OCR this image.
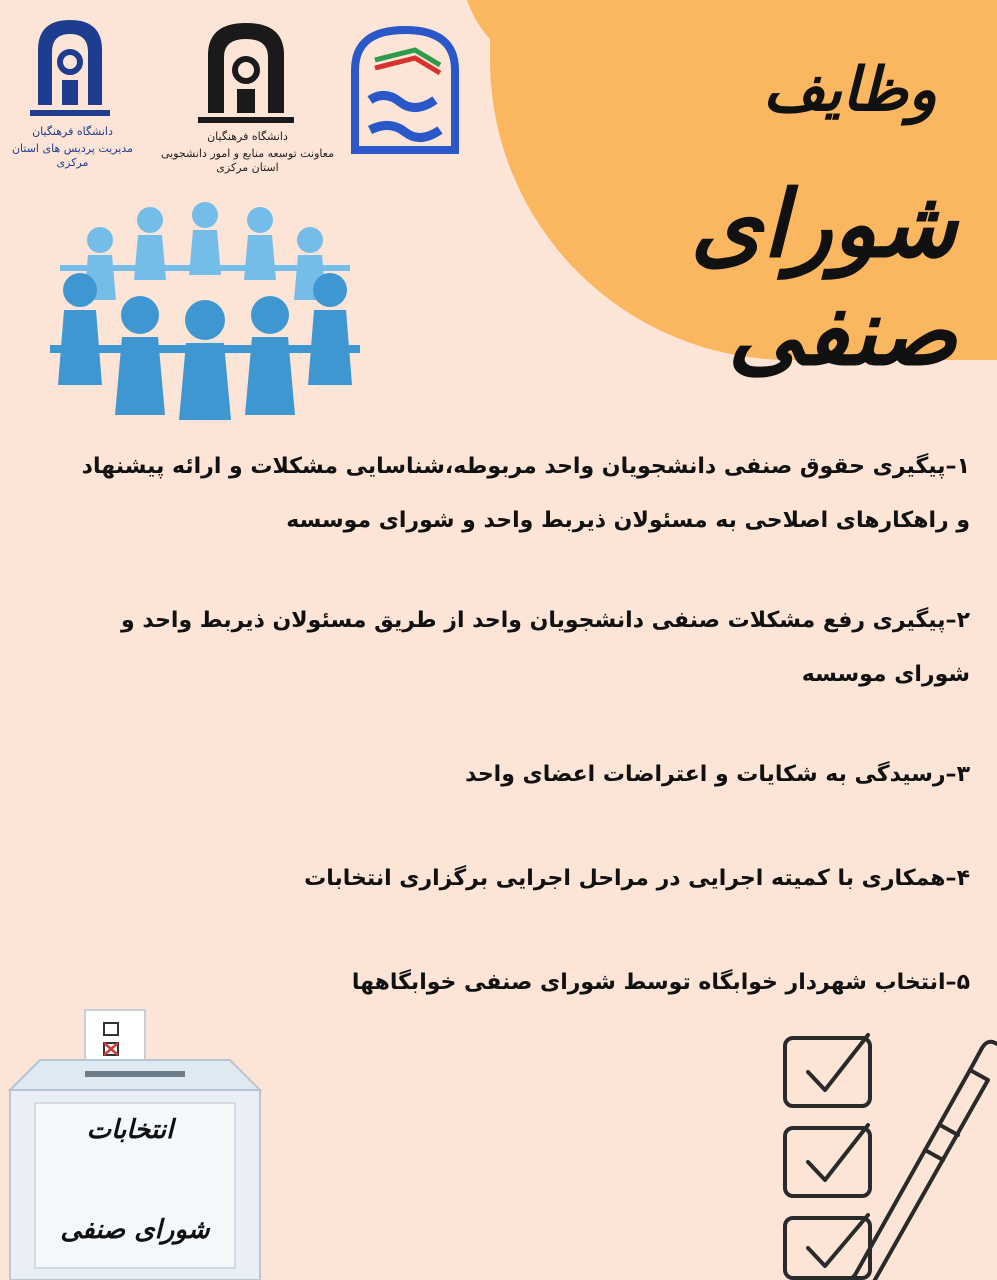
وظایف
شورای صنفی
دانشگاه فرهنگیان
مدیریت پردیس های استان مرکزی
دانشگاه فرهنگیان
معاونت توسعه منابع و امور دانشجویی استان مرکزی
۱–پیگیری حقوق صنفی دانشجویان واحد مربوطه،شناسایی مشکلات و ارائه پیشنهاد و راهکارهای اصلاحی به مسئولان ذیربط واحد و شورای موسسه
۲–پیگیری رفع مشکلات صنفی دانشجویان واحد از طریق مسئولان ذیربط واحد و شورای موسسه
۳–رسیدگی به شکایات و اعتراضات اعضای واحد
۴–همکاری با کمیته اجرایی در مراحل اجرایی برگزاری انتخابات
۵–انتخاب شهردار خوابگاه توسط شورای صنفی خوابگاهها
انتخابات
شورای صنفی
